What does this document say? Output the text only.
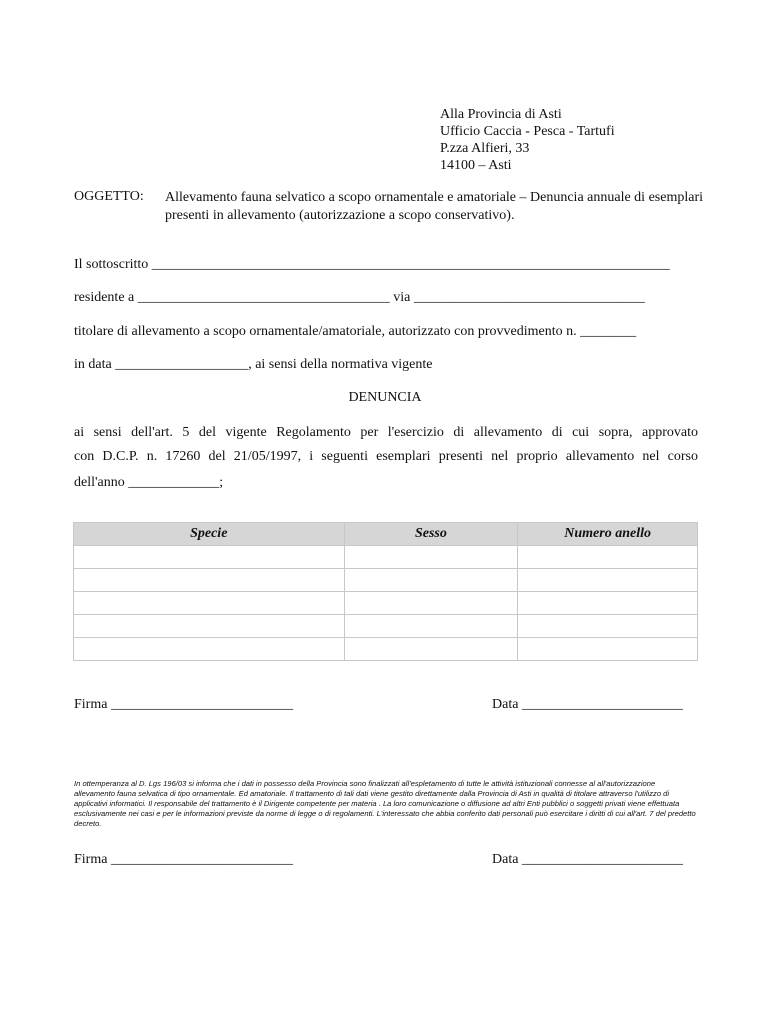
Alla Provincia di Asti
Ufficio Caccia - Pesca - Tartufi
P.zza Alfieri, 33
14100 – Asti
OGGETTO: Allevamento fauna selvatico a scopo ornamentale e amatoriale – Denuncia annuale di esemplari presenti in allevamento (autorizzazione a scopo conservativo).
Il sottoscritto __________________________________________________________________________
residente a ____________________________________ via _________________________________
titolare di allevamento a scopo ornamentale/amatoriale, autorizzato con provvedimento n. ________
in data ___________________, ai sensi della normativa vigente
DENUNCIA
ai sensi dell'art. 5 del vigente Regolamento per l'esercizio di allevamento di cui sopra, approvato
con D.C.P. n. 17260 del 21/05/1997, i seguenti esemplari presenti nel proprio allevamento nel corso
dell'anno _____________;
Specie	Sesso	Numero anello

Firma __________________________	Data _______________________
In ottemperanza al D. Lgs 196/03 si informa che i dati in possesso della Provincia sono finalizzati all'espletamento di tutte le attività istituzionali connesse al all'autorizzazione allevamento fauna selvatica di tipo ornamentale. Ed amatoriale. Il trattamento di tali dati viene gestito direttamente dalla Provincia di Asti in qualità di titolare attraverso l'utilizzo di applicativi informatici. Il responsabile del trattamento è il Dirigente competente per materia . La loro comunicazione o diffusione ad altri Enti pubblici o soggetti privati viene effettuata esclusivamente nei casi e per le informazioni previste da norme di legge o di regolamenti. L'interessato che abbia conferito dati personali può esercitare i diritti di cui all'art. 7 del predetto decreto.
Firma __________________________	Data _______________________
